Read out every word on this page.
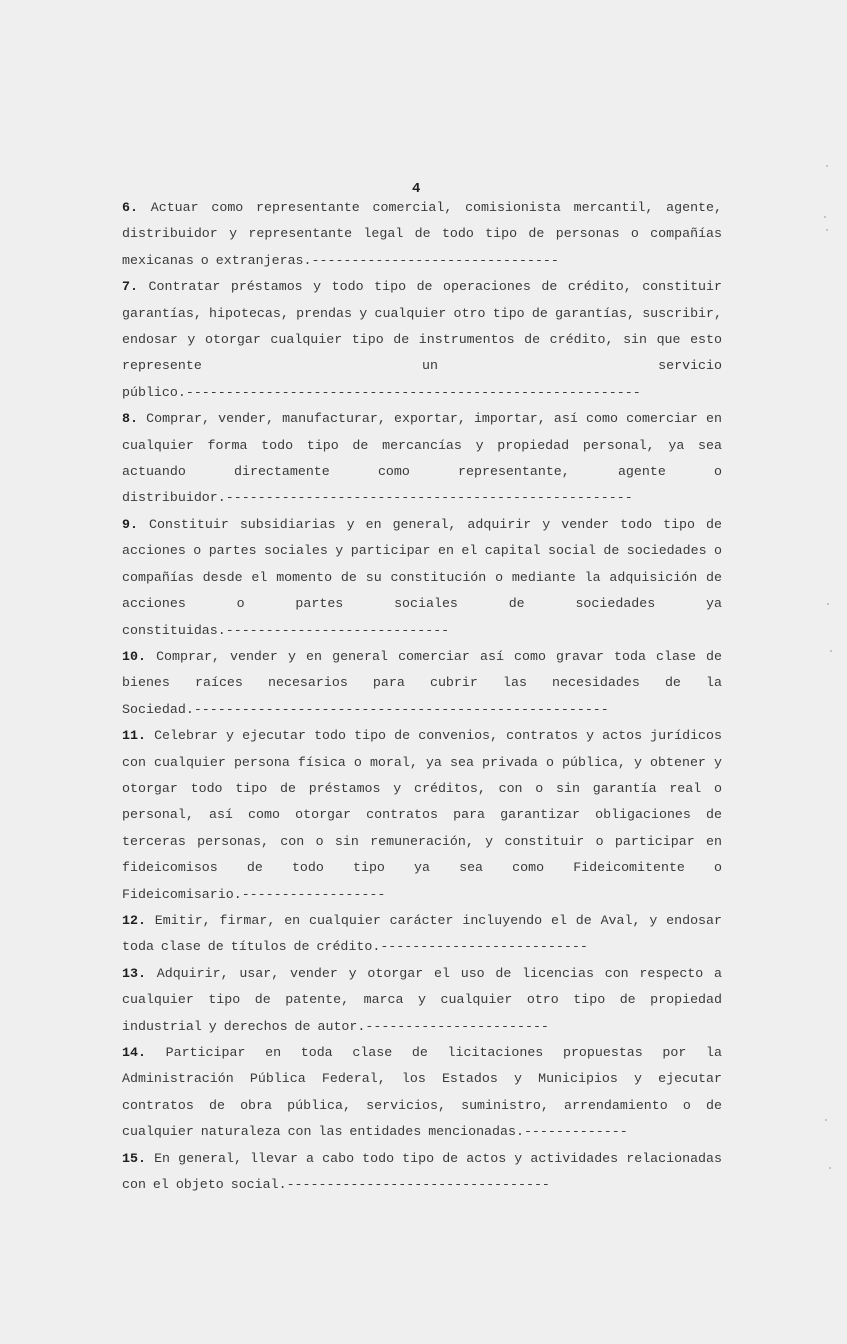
4

6. Actuar como representante comercial, comisionista mercantil, agente, distribuidor y representante legal de todo tipo de personas o compañías mexicanas o extranjeras.-------------------------------

7. Contratar préstamos y todo tipo de operaciones de crédito, constituir garantías, hipotecas, prendas y cualquier otro tipo de garantías, suscribir, endosar y otorgar cualquier tipo de instrumentos de crédito, sin que esto represente un servicio público.---------------------------------------------------------

8. Comprar, vender, manufacturar, exportar, importar, así como comerciar en cualquier forma todo tipo de mercancías y propiedad personal, ya sea actuando directamente como representante, agente o distribuidor.---------------------------------------------------

9. Constituir subsidiarias y en general, adquirir y vender todo tipo de acciones o partes sociales y participar en el capital social de sociedades o compañías desde el momento de su constitución o mediante la adquisición de acciones o partes sociales de sociedades ya constituidas.----------------------------

10. Comprar, vender y en general comerciar así como gravar toda clase de bienes raíces necesarios para cubrir las necesidades de la Sociedad.----------------------------------------------------

11. Celebrar y ejecutar todo tipo de convenios, contratos y actos jurídicos con cualquier persona física o moral, ya sea privada o pública, y obtener y otorgar todo tipo de préstamos y créditos, con o sin garantía real o personal, así como otorgar contratos para garantizar obligaciones de terceras personas, con o sin remuneración, y constituir o participar en fideicomisos de todo tipo ya sea como Fideicomitente o Fideicomisario.------------------

12. Emitir, firmar, en cualquier carácter incluyendo el de Aval, y endosar toda clase de títulos de crédito.--------------------------

13. Adquirir, usar, vender y otorgar el uso de licencias con respecto a cualquier tipo de patente, marca y cualquier otro tipo de propiedad industrial y derechos de autor.-----------------------

14. Participar en toda clase de licitaciones propuestas por la Administración Pública Federal, los Estados y Municipios y ejecutar contratos de obra pública, servicios, suministro, arrendamiento o de cualquier naturaleza con las entidades mencionadas.-------------

15. En general, llevar a cabo todo tipo de actos y actividades relacionadas con el objeto social.---------------------------------
